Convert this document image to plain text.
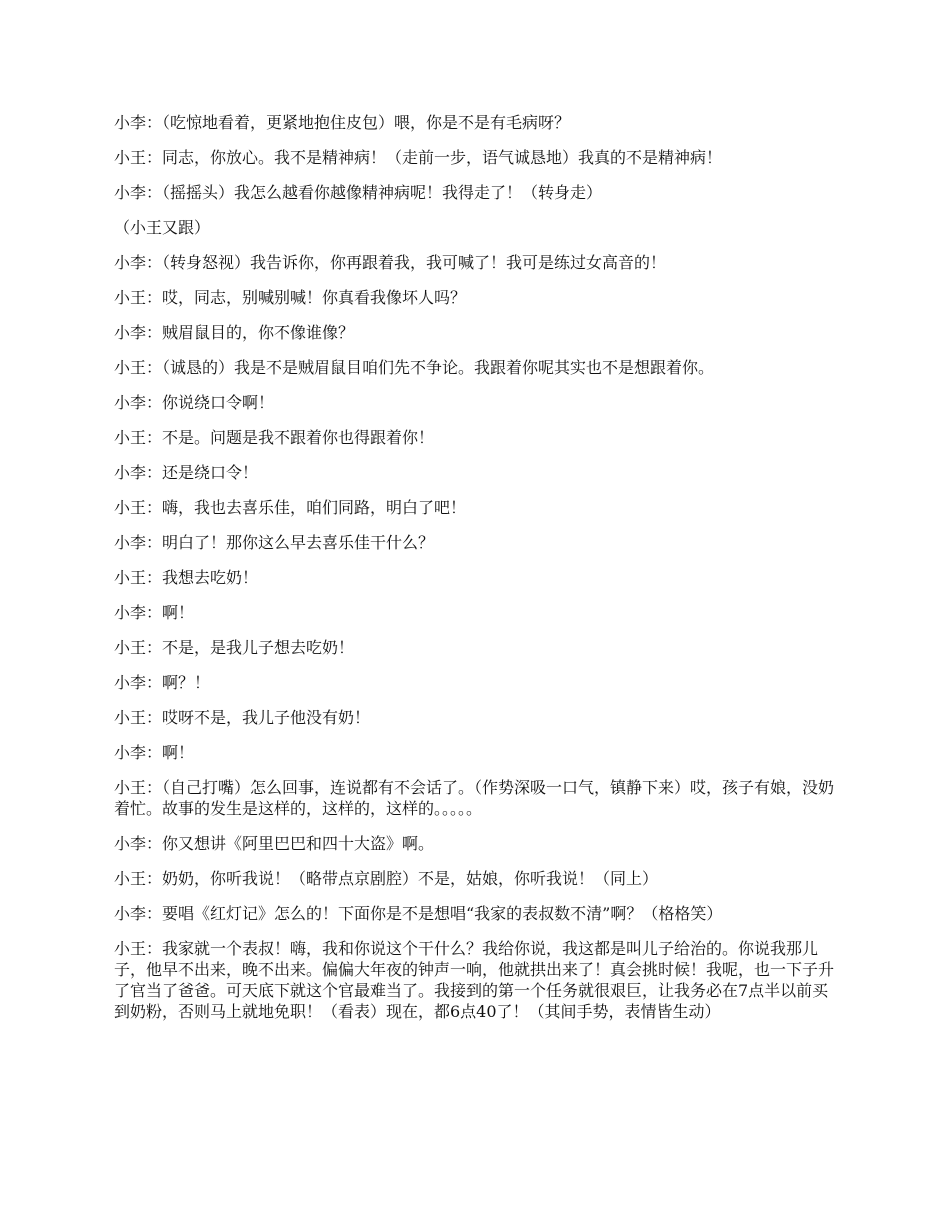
小李：（吃惊地看着，更紧地抱住皮包）喂，你是不是有毛病呀？

小王：同志，你放心。我不是精神病！（走前一步，语气诚恳地）我真的不是精神病！

小李：（摇摇头）我怎么越看你越像精神病呢！我得走了！（转身走）

（小王又跟）

小李：（转身怒视）我告诉你，你再跟着我，我可喊了！我可是练过女高音的！

小王：哎，同志，别喊别喊！你真看我像坏人吗？

小李：贼眉鼠目的，你不像谁像？

小王：（诚恳的）我是不是贼眉鼠目咱们先不争论。我跟着你呢其实也不是想跟着你。

小李：你说绕口令啊！

小王：不是。问题是我不跟着你也得跟着你！

小李：还是绕口令！

小王：嗨，我也去喜乐佳，咱们同路，明白了吧！

小李：明白了！那你这么早去喜乐佳干什么？

小王：我想去吃奶！

小李：啊！

小王：不是，是我儿子想去吃奶！

小李：啊？！

小王：哎呀不是，我儿子他没有奶！

小李：啊！

小王：（自己打嘴）怎么回事，连说都有不会话了。（作势深吸一口气，镇静下来）哎，孩子有娘，没奶着忙。故事的发生是这样的，这样的，这样的。。。。。

小李：你又想讲《阿里巴巴和四十大盗》啊。

小王：奶奶，你听我说！（略带点京剧腔）不是，姑娘，你听我说！（同上）

小李：要唱《红灯记》怎么的！下面你是不是想唱“我家的表叔数不清”啊？（格格笑）

小王：我家就一个表叔！嗨，我和你说这个干什么？我给你说，我这都是叫儿子给治的。你说我那儿子，他早不出来，晚不出来。偏偏大年夜的钟声一响，他就拱出来了！真会挑时候！我呢，也一下子升了官当了爸爸。可天底下就这个官最难当了。我接到的第一个任务就很艰巨，让我务必在7点半以前买到奶粉，否则马上就地免职！（看表）现在，都6点40了！（其间手势，表情皆生动）
